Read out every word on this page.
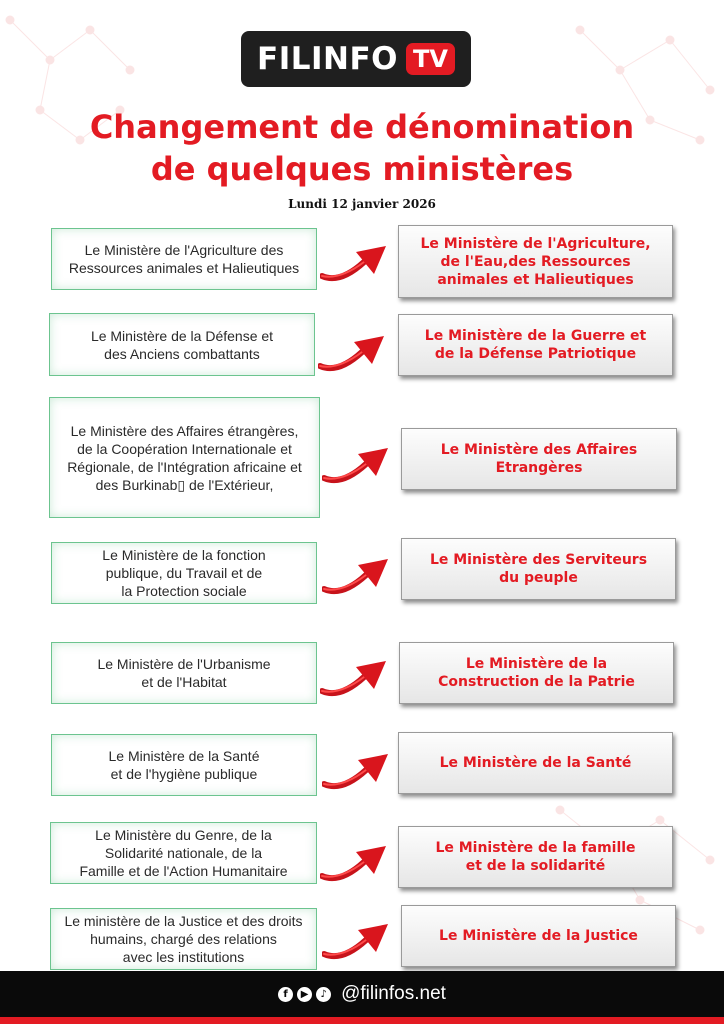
FILINFO TV
Changement de dénomination
de quelques ministères
Lundi 12 janvier 2026
Le Ministère de l'Agriculture des
Ressources animales et Halieutiques
Le Ministère de l'Agriculture,
de l'Eau,des Ressources
animales et Halieutiques
Le Ministère de la Défense et
des Anciens combattants
Le Ministère de la Guerre et
de la Défense Patriotique
Le Ministère des Affaires étrangères,
de la Coopération Internationale et
Régionale, de l'Intégration africaine et
des Burkinab▯ de l'Extérieur,
Le Ministère des Affaires
Etrangères
Le Ministère de la fonction
publique, du Travail et de
la Protection sociale
Le Ministère des Serviteurs
du peuple
Le Ministère de l'Urbanisme
et de l'Habitat
Le Ministère de la
Construction de la Patrie
Le Ministère de la Santé
et de l'hygiène publique
Le Ministère de la Santé
Le Ministère du Genre, de la
Solidarité nationale, de la
Famille et de l'Action Humanitaire
Le Ministère de la famille
et de la solidarité
Le ministère de la Justice et des droits
humains, chargé des relations
avec les institutions
Le Ministère de la Justice
f	▶	♪ @filinfos.net
